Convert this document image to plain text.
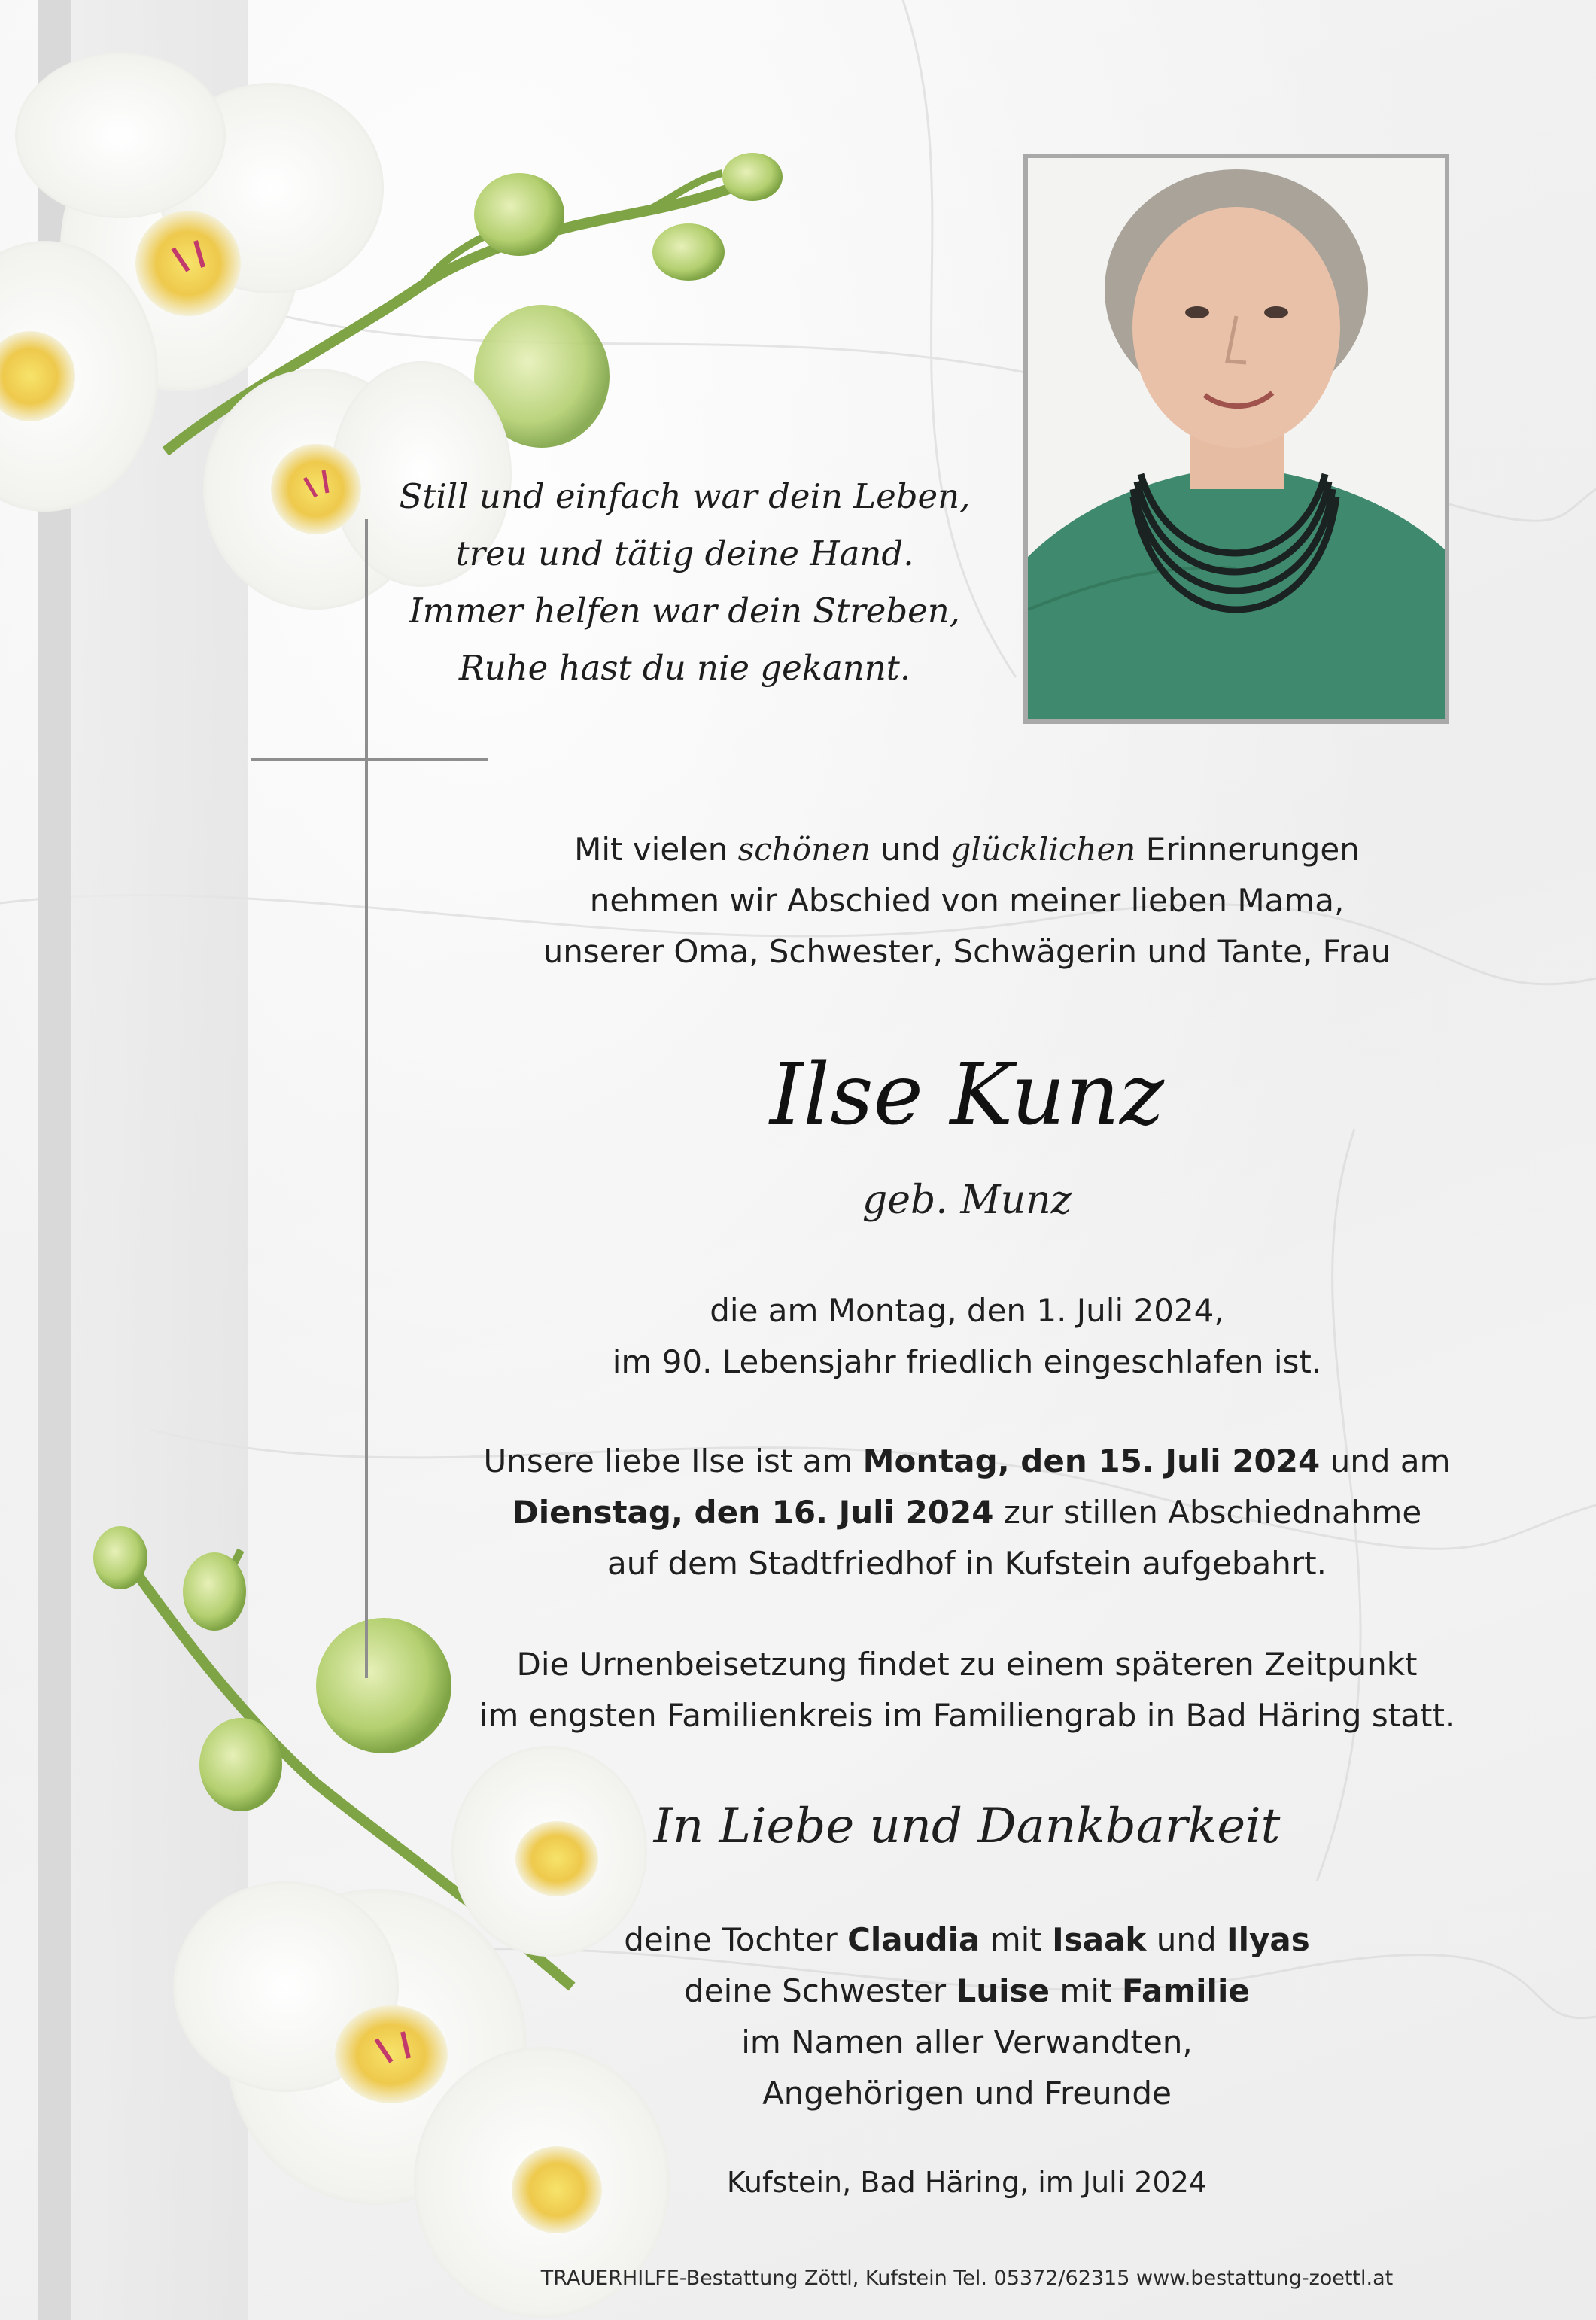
Still und einfach war dein Leben,
treu und tätig deine Hand.
Immer helfen war dein Streben,
Ruhe hast du nie gekannt.
Mit vielen schönen und glücklichen Erinnerungen
nehmen wir Abschied von meiner lieben Mama,
unserer Oma, Schwester, Schwägerin und Tante, Frau
Ilse Kunz
geb. Munz
die am Montag, den 1. Juli 2024,
im 90. Lebensjahr friedlich eingeschlafen ist.
Unsere liebe Ilse ist am Montag, den 15. Juli 2024 und am
Dienstag, den 16. Juli 2024 zur stillen Abschiednahme
auf dem Stadtfriedhof in Kufstein aufgebahrt.
Die Urnenbeisetzung findet zu einem späteren Zeitpunkt
im engsten Familienkreis im Familiengrab in Bad Häring statt.
In Liebe und Dankbarkeit
deine Tochter Claudia mit Isaak und Ilyas
deine Schwester Luise mit Familie
im Namen aller Verwandten,
Angehörigen und Freunde
Kufstein, Bad Häring, im Juli 2024
TRAUERHILFE-Bestattung Zöttl, Kufstein Tel. 05372/62315 www.bestattung-zoettl.at
